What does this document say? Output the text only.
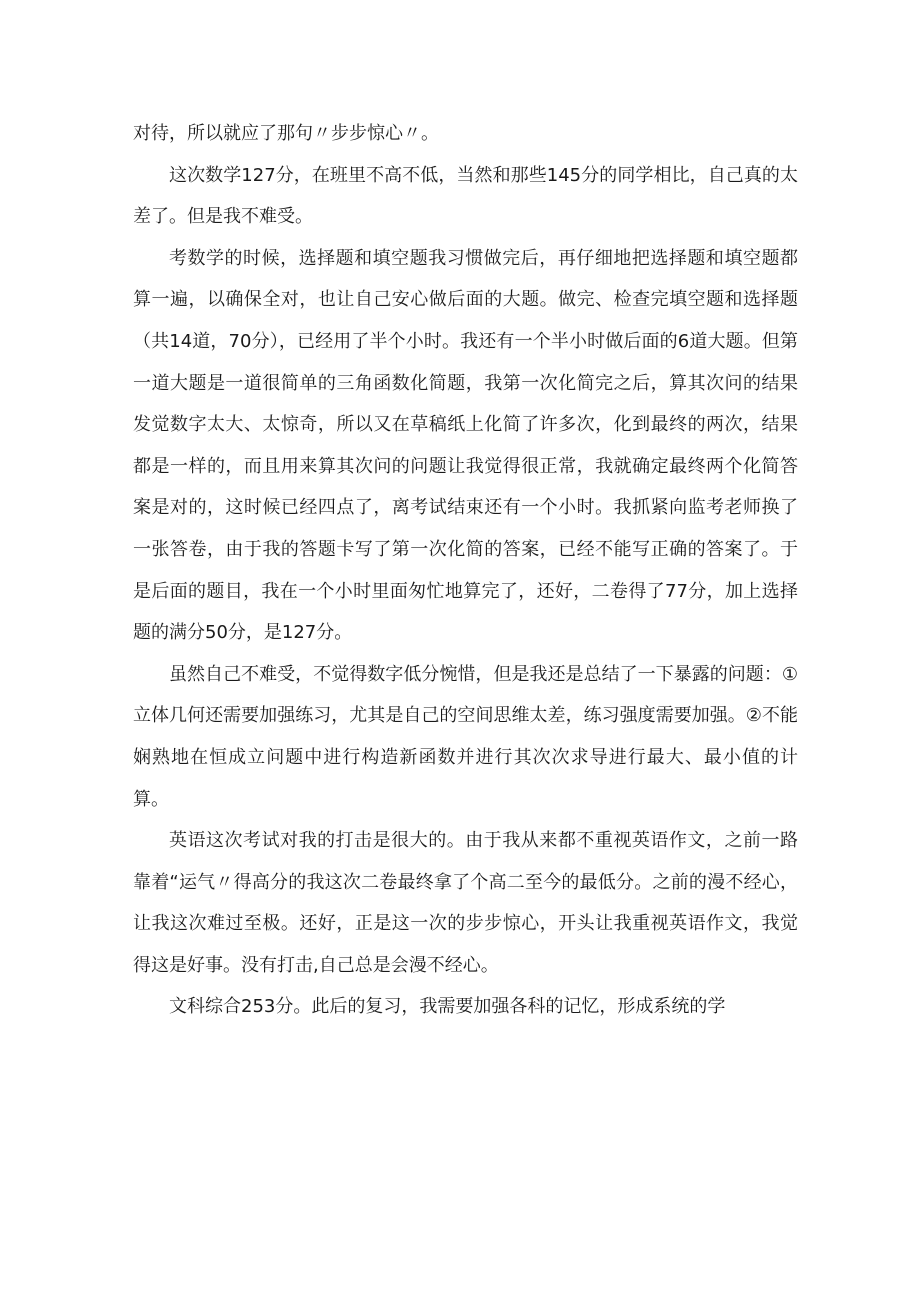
对待，所以就应了那句〃步步惊心〃。

这次数学127分，在班里不高不低，当然和那些145分的同学相比，自己真的太差了。但是我不难受。

考数学的时候，选择题和填空题我习惯做完后，再仔细地把选择题和填空题都算一遍，以确保全对，也让自己安心做后面的大题。做完、检查完填空题和选择题（共14道，70分），已经用了半个小时。我还有一个半小时做后面的6道大题。但第一道大题是一道很简单的三角函数化简题，我第一次化简完之后，算其次问的结果发觉数字太大、太惊奇，所以又在草稿纸上化简了许多次，化到最终的两次，结果都是一样的，而且用来算其次问的问题让我觉得很正常，我就确定最终两个化简答案是对的，这时候已经四点了，离考试结束还有一个小时。我抓紧向监考老师换了一张答卷，由于我的答题卡写了第一次化简的答案，已经不能写正确的答案了。于是后面的题目，我在一个小时里面匆忙地算完了，还好，二卷得了77分，加上选择题的满分50分，是127分。

虽然自己不难受，不觉得数字低分惋惜，但是我还是总结了一下暴露的问题：①立体几何还需要加强练习，尤其是自己的空间思维太差，练习强度需要加强。②不能娴熟地在恒成立问题中进行构造新函数并进行其次次求导进行最大、最小值的计算。

英语这次考试对我的打击是很大的。由于我从来都不重视英语作文，之前一路靠着“运气〃得高分的我这次二卷最终拿了个高二至今的最低分。之前的漫不经心，让我这次难过至极。还好，正是这一次的步步惊心，开头让我重视英语作文，我觉得这是好事。没有打击,自己总是会漫不经心。

文科综合253分。此后的复习，我需要加强各科的记忆，形成系统的学
